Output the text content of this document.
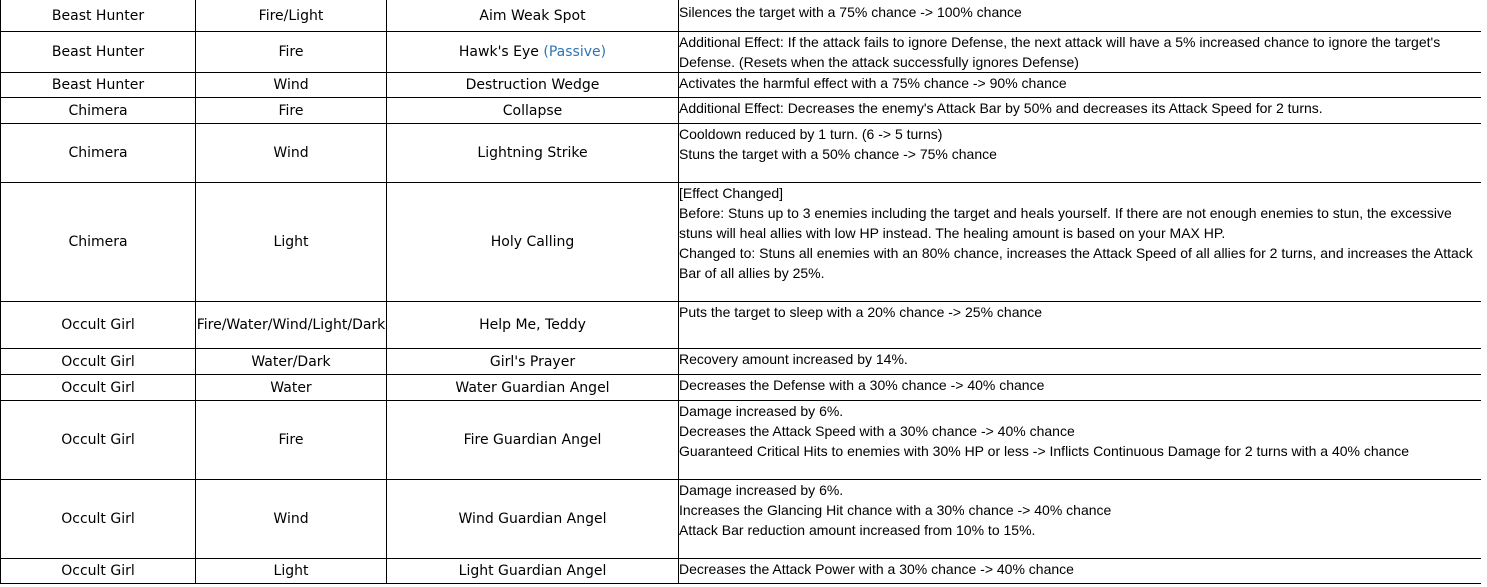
Beast Hunter	Fire/Light	Aim Weak Spot	Silences the target with a 75% chance -> 100% chance

Beast Hunter	Fire	Hawk's Eye (Passive)	Additional Effect: If the attack fails to ignore Defense, the next attack will have a 5% increased chance to ignore the target's Defense. (Resets when the attack successfully ignores Defense)

Beast Hunter	Wind	Destruction Wedge	Activates the harmful effect with a 75% chance -> 90% chance

Chimera	Fire	Collapse	Additional Effect: Decreases the enemy's Attack Bar by 50% and decreases its Attack Speed for 2 turns.

Chimera	Wind	Lightning Strike	Cooldown reduced by 1 turn. (6 -> 5 turns)
Stuns the target with a 50% chance -> 75% chance

Chimera	Light	Holy Calling	[Effect Changed]
Before: Stuns up to 3 enemies including the target and heals yourself. If there are not enough enemies to stun, the excessive stuns will heal allies with low HP instead. The healing amount is based on your MAX HP.
Changed to: Stuns all enemies with an 80% chance, increases the Attack Speed of all allies for 2 turns, and increases the Attack Bar of all allies by 25%.

Occult Girl	Fire/Water/Wind/Light/Dark	Help Me, Teddy	Puts the target to sleep with a 20% chance -> 25% chance

Occult Girl	Water/Dark	Girl's Prayer	Recovery amount increased by 14%.

Occult Girl	Water	Water Guardian Angel	Decreases the Defense with a 30% chance -> 40% chance

Occult Girl	Fire	Fire Guardian Angel	Damage increased by 6%.
Decreases the Attack Speed with a 30% chance -> 40% chance
Guaranteed Critical Hits to enemies with 30% HP or less -> Inflicts Continuous Damage for 2 turns with a 40% chance

Occult Girl	Wind	Wind Guardian Angel	Damage increased by 6%.
Increases the Glancing Hit chance with a 30% chance -> 40% chance
Attack Bar reduction amount increased from 10% to 15%.

Occult Girl	Light	Light Guardian Angel	Decreases the Attack Power with a 30% chance -> 40% chance
